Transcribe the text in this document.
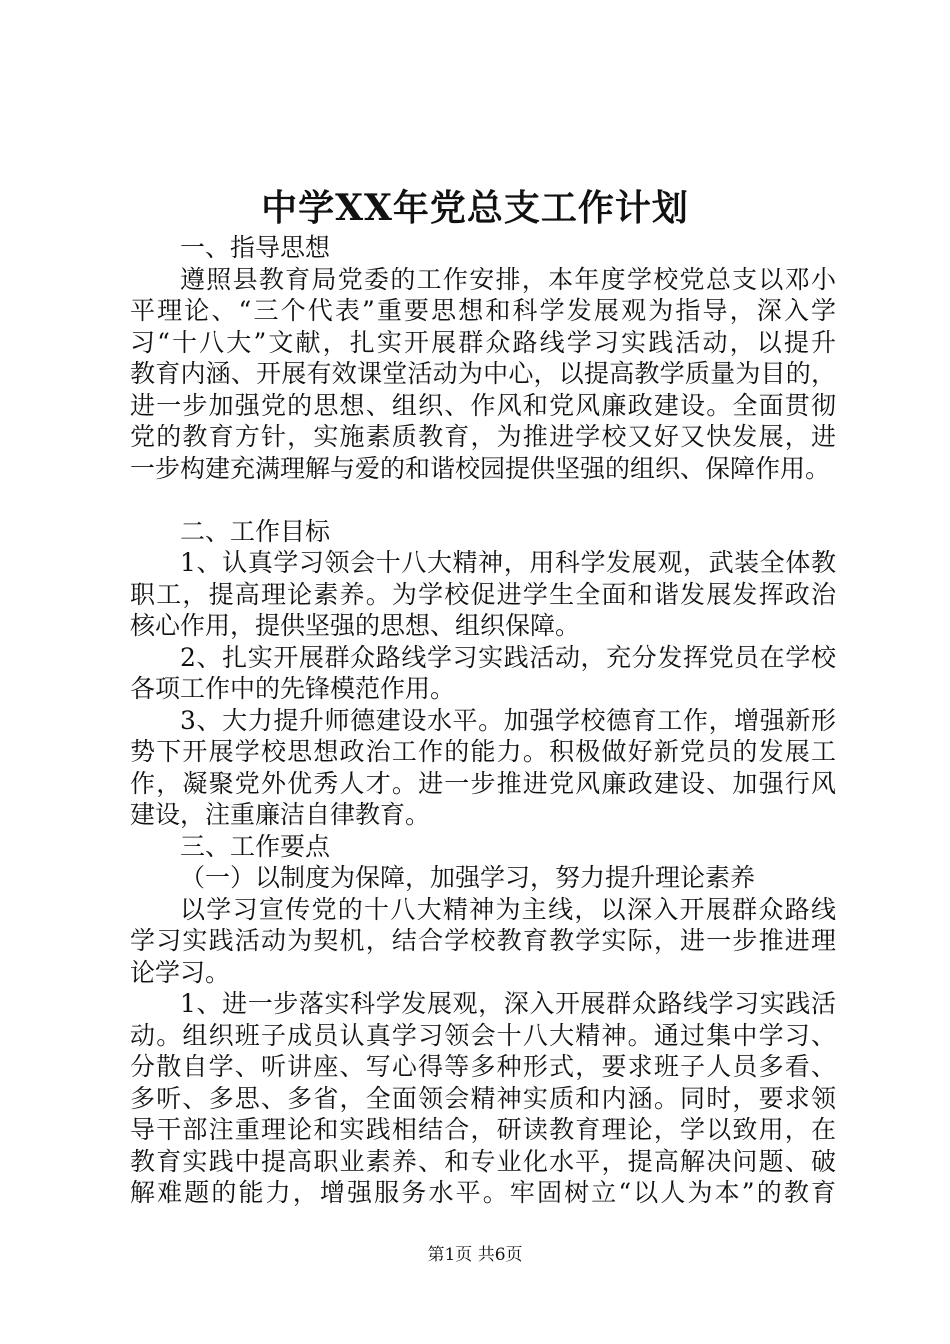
中学XX年党总支工作计划
一、指导思想
遵照县教育局党委的工作安排，本年度学校党总支以邓小
平理论、“三个代表”重要思想和科学发展观为指导，深入学
习“十八大”文献，扎实开展群众路线学习实践活动，以提升
教育内涵、开展有效课堂活动为中心，以提高教学质量为目的，
进一步加强党的思想、组织、作风和党风廉政建设。全面贯彻
党的教育方针，实施素质教育，为推进学校又好又快发展，进
一步构建充满理解与爱的和谐校园提供坚强的组织、保障作用。
二、工作目标
1、认真学习领会十八大精神，用科学发展观，武装全体教
职工，提高理论素养。为学校促进学生全面和谐发展发挥政治
核心作用，提供坚强的思想、组织保障。
2、扎实开展群众路线学习实践活动，充分发挥党员在学校
各项工作中的先锋模范作用。
3、大力提升师德建设水平。加强学校德育工作，增强新形
势下开展学校思想政治工作的能力。积极做好新党员的发展工
作，凝聚党外优秀人才。进一步推进党风廉政建设、加强行风
建设，注重廉洁自律教育。
三、工作要点
（一）以制度为保障，加强学习，努力提升理论素养
以学习宣传党的十八大精神为主线，以深入开展群众路线
学习实践活动为契机，结合学校教育教学实际，进一步推进理
论学习。
1、进一步落实科学发展观，深入开展群众路线学习实践活
动。组织班子成员认真学习领会十八大精神。通过集中学习、
分散自学、听讲座、写心得等多种形式，要求班子人员多看、
多听、多思、多省，全面领会精神实质和内涵。同时，要求领
导干部注重理论和实践相结合，研读教育理论，学以致用，在
教育实践中提高职业素养、和专业化水平，提高解决问题、破
解难题的能力，增强服务水平。牢固树立“以人为本”的教育
第1页 共6页
